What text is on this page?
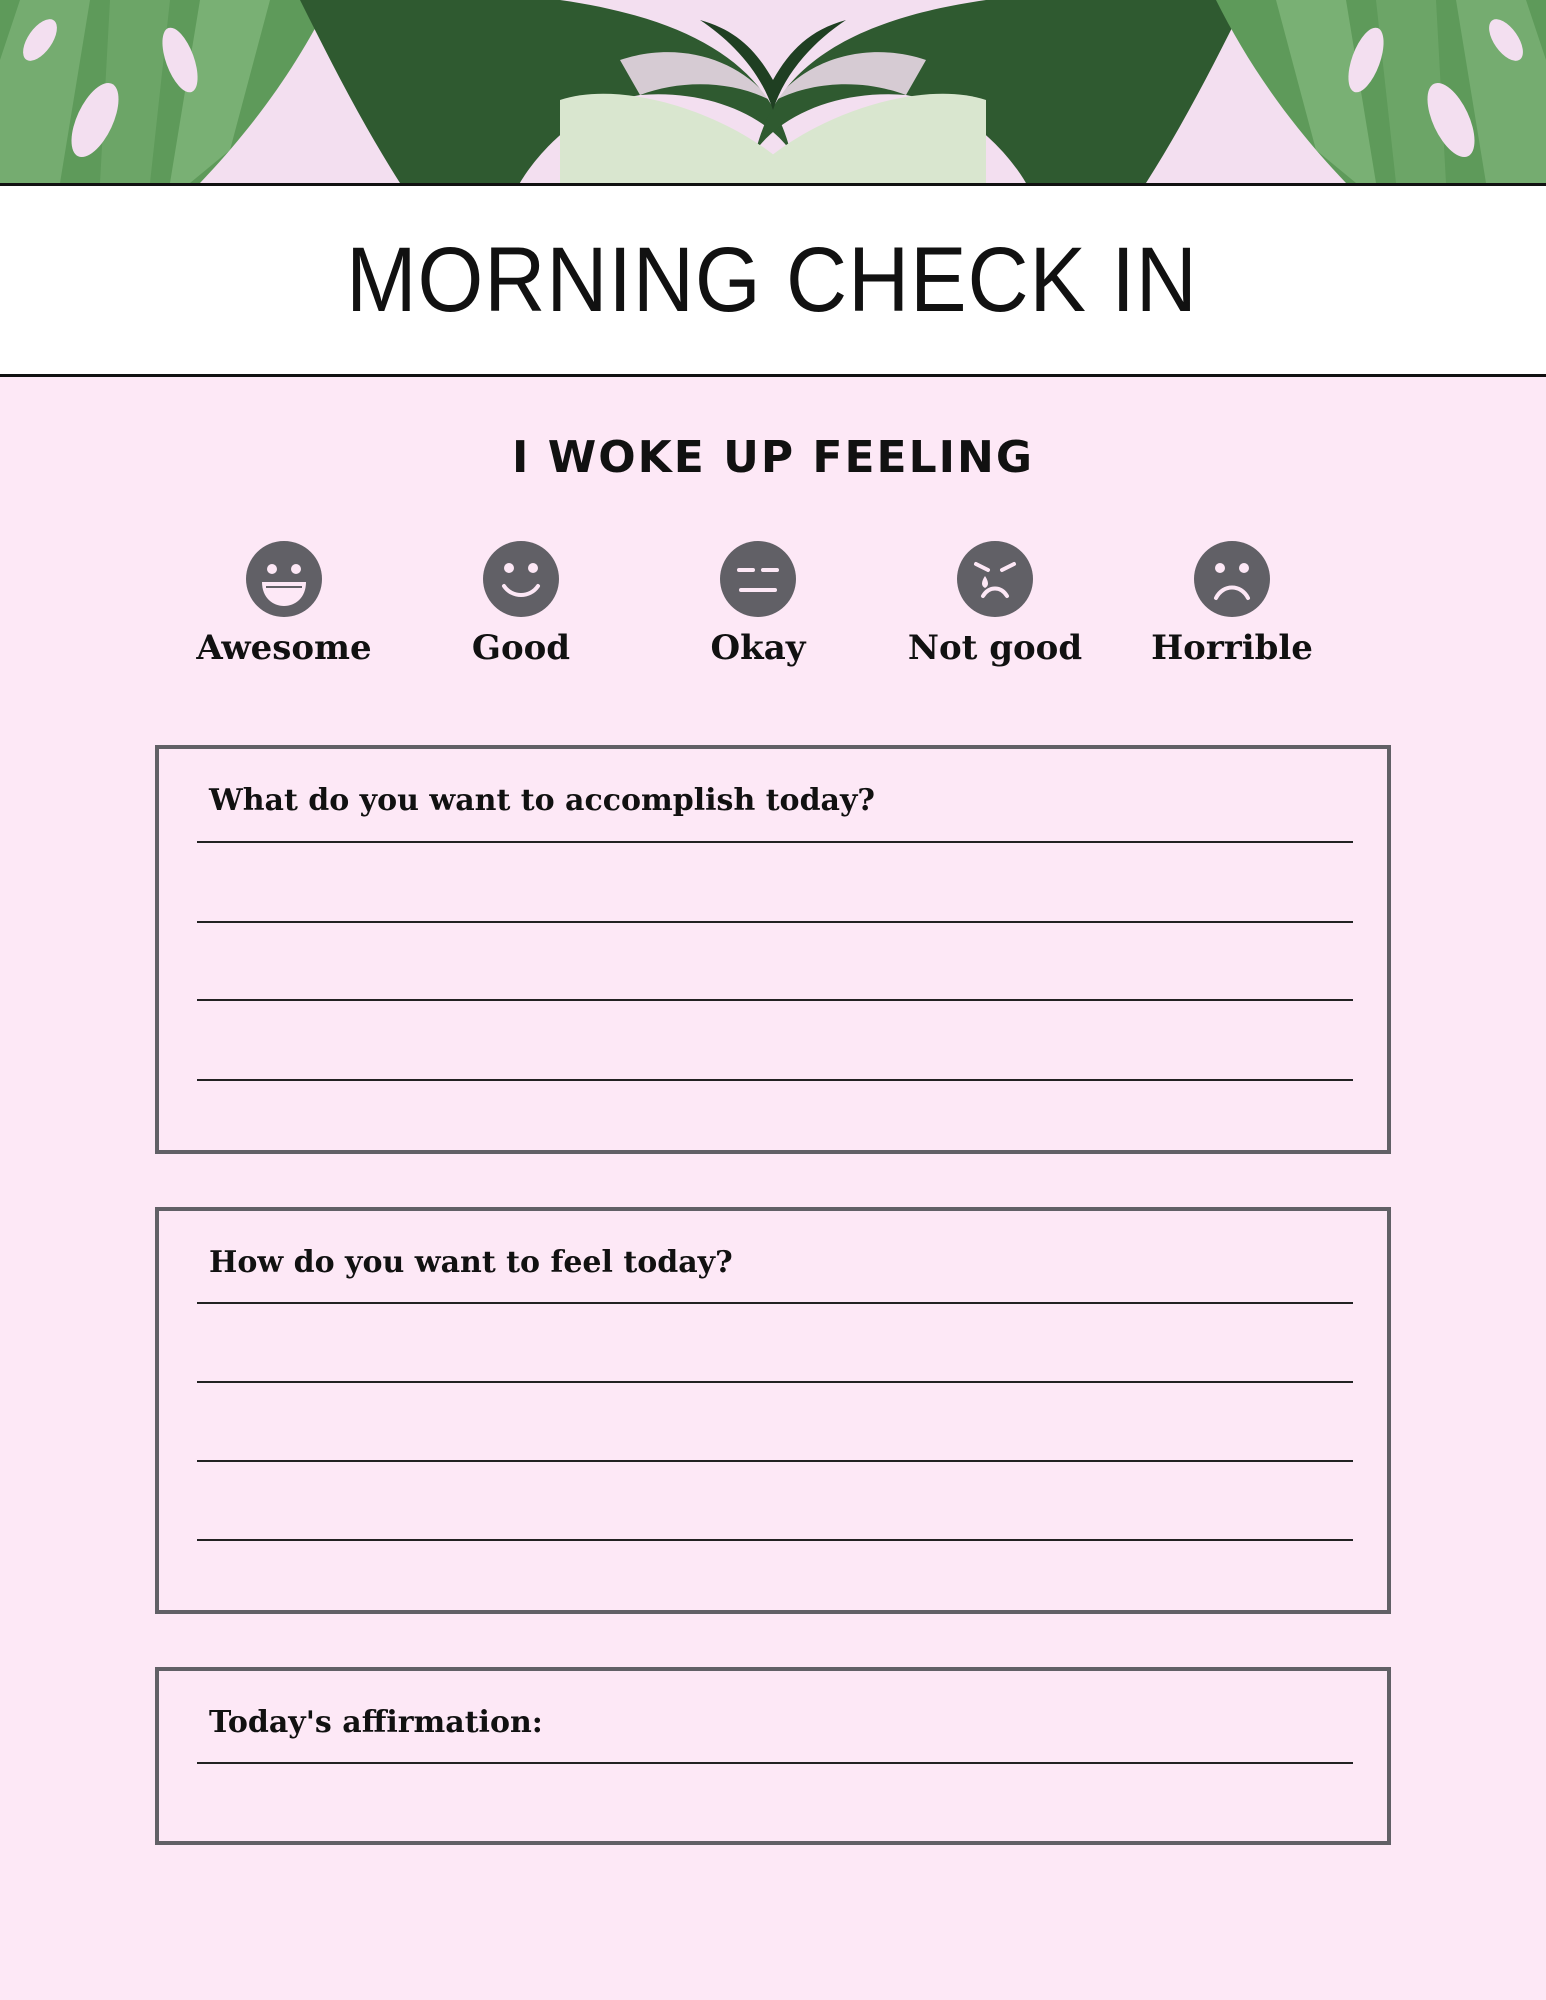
MORNING CHECK IN
I WOKE UP FEELING
Awesome	Good	Okay	Not good Horrible
What do you want to accomplish today?
How do you want to feel today?
Today's affirmation:
